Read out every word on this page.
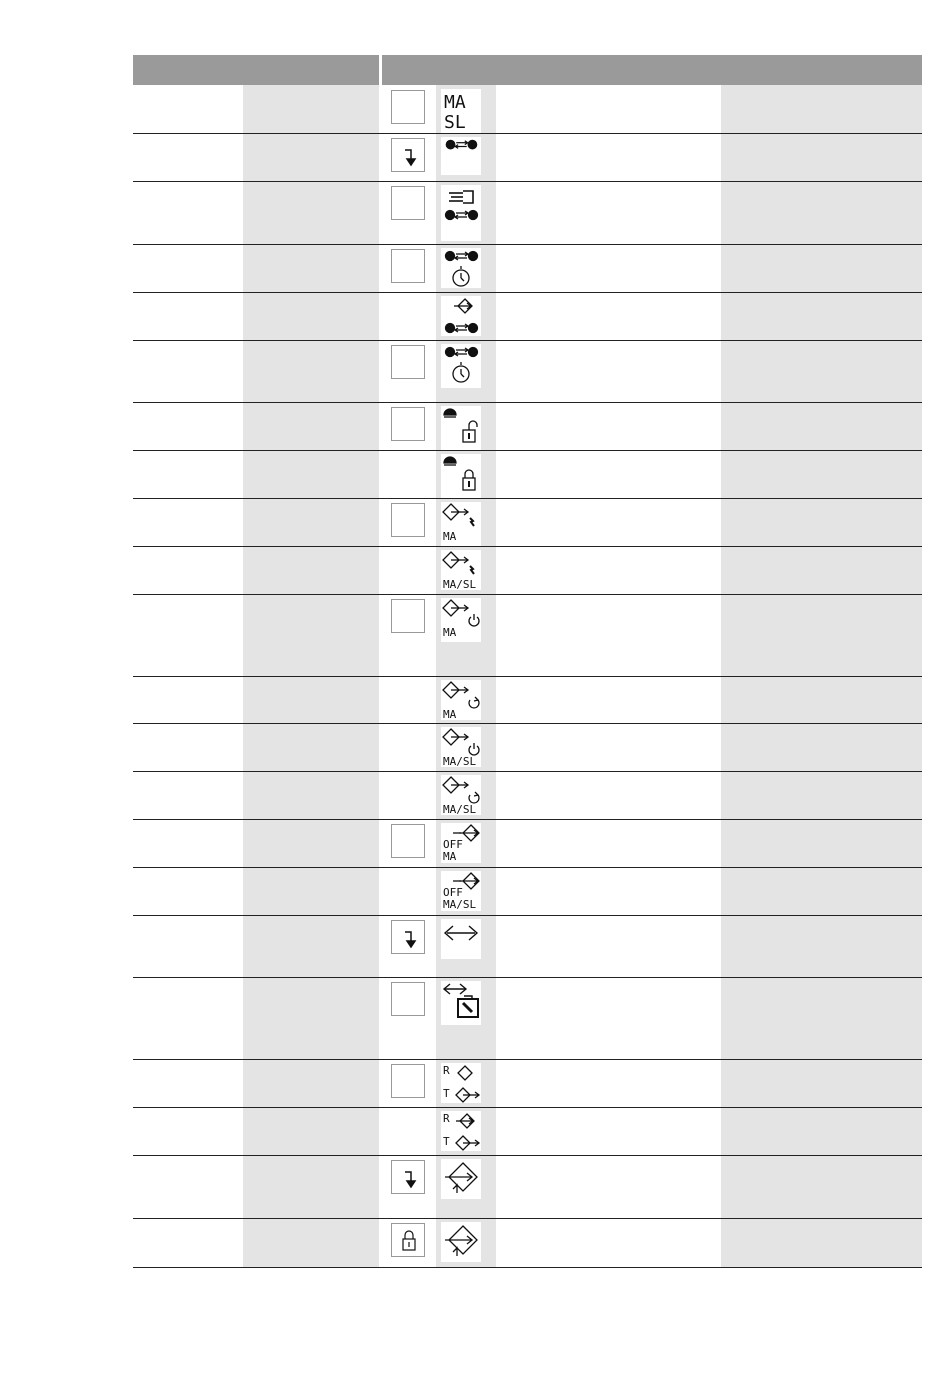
MA
SL
MA
MA/SL
MA
MA
MA/SL
MA/SL
OFF
MA
OFF
MA/SL
R
T
R
T
